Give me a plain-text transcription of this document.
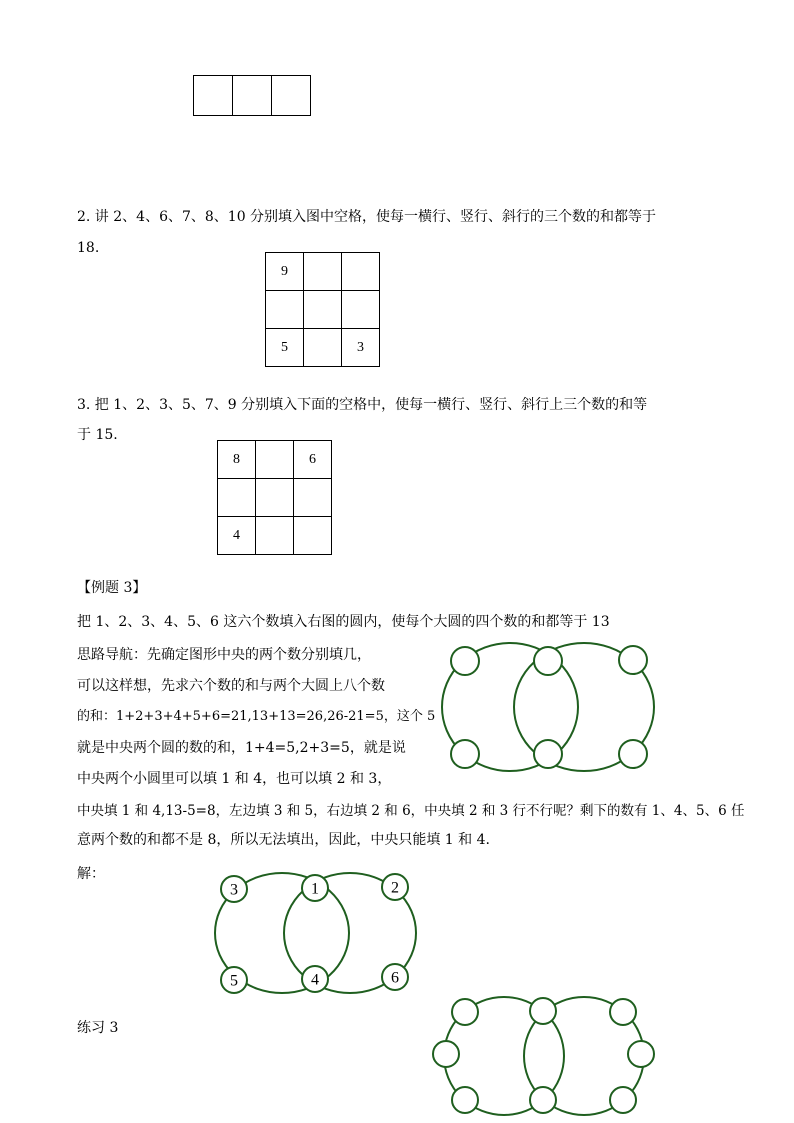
2. 讲 2、4、6、7、8、10 分别填入图中空格，使每一横行、竖行、斜行的三个数的和都等于
18.
9		

5		3
3. 把 1、2、3、5、7、9 分别填入下面的空格中，使每一横行、竖行、斜行上三个数的和等
于 15.
8		6

4		
【例题 3】
把 1、2、3、4、5、6 这六个数填入右图的圆内，使每个大圆的四个数的和都等于 13
思路导航：先确定图形中央的两个数分别填几，
可以这样想，先求六个数的和与两个大圆上八个数
的和：1+2+3+4+5+6=21,13+13=26,26-21=5，这个 5
就是中央两个圆的数的和，1+4=5,2+3=5，就是说
中央两个小圆里可以填 1 和 4，也可以填 2 和 3，
中央填 1 和 4,13-5=8，左边填 3 和 5，右边填 2 和 6，中央填 2 和 3 行不行呢？剩下的数有 1、4、5、6 任
意两个数的和都不是 8，所以无法填出，因此，中央只能填 1 和 4.
解：
3	1	2
5	4	6
练习 3
